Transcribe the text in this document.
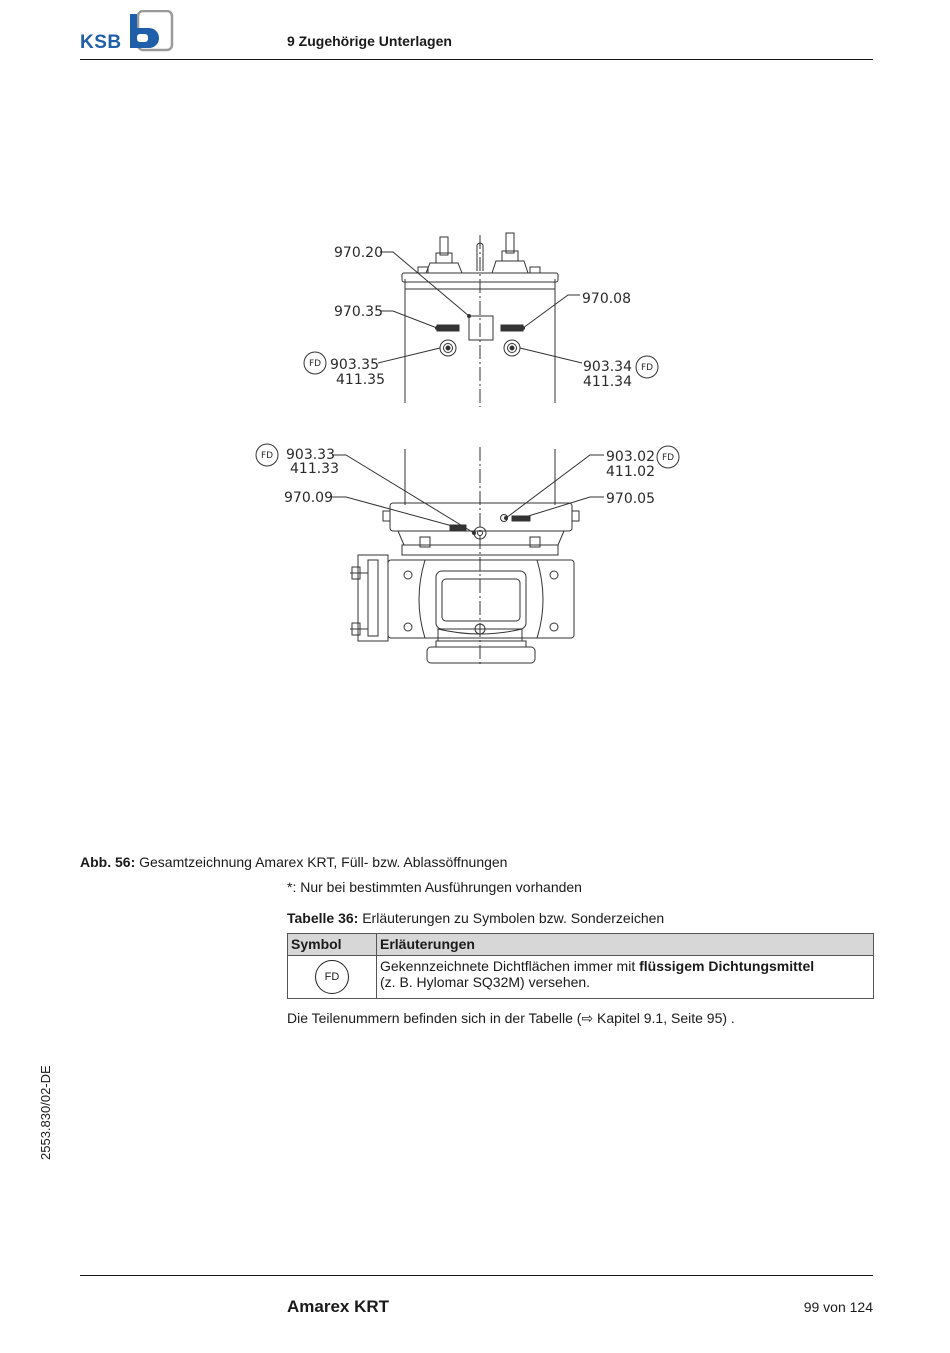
KSB	9 Zugehörige Unterlagen
FD	FD
FD	FD
970.20
970.35
970.08
903.35
411.35
903.34
411.34
903.33
411.33
970.09
903.02
411.02
970.05
Abb. 56: Gesamtzeichnung Amarex KRT, Füll- bzw. Ablassöffnungen
*: Nur bei bestimmten Ausführungen vorhanden
Tabelle 36: Erläuterungen zu Symbolen bzw. Sonderzeichen
Symbol	Erläuterungen
FD	Gekennzeichnete Dichtflächen immer mit flüssigem Dichtungsmittel
(z. B. Hylomar SQ32M) versehen.
Die Teilenummern befinden sich in der Tabelle (⇨ Kapitel 9.1, Seite 95) .
2553.830/02-DE
Amarex KRT	99 von 124
